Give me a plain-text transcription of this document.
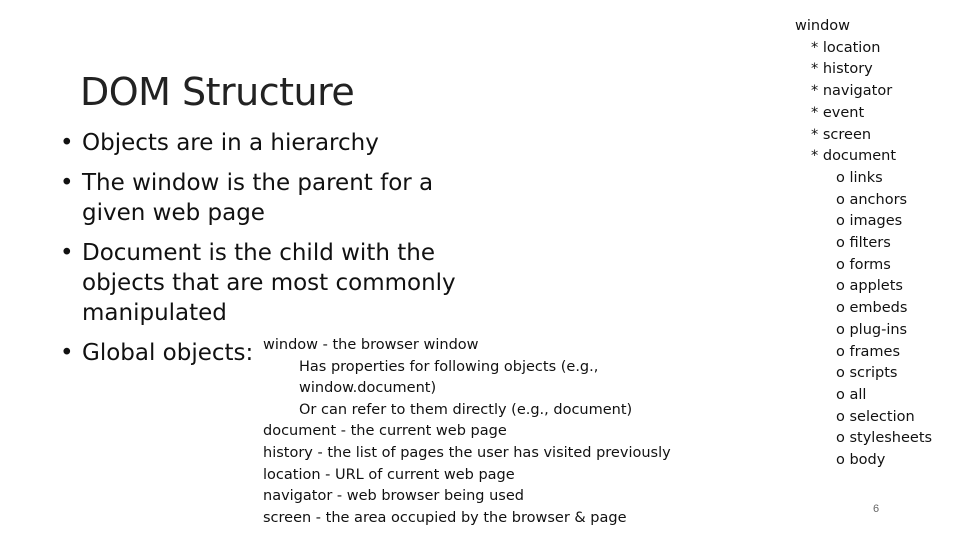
DOM Structure
• Objects are in a hierarchy
• The window is the parent for a
given web page
• Document is the child with the
objects that are most commonly
manipulated
• Global objects: window - the browser window
Has properties for following objects (e.g.,
window.document)
Or can refer to them directly (e.g., document)
document - the current web page
history - the list of pages the user has visited previously
location - URL of current web page
navigator - web browser being used
screen - the area occupied by the browser & page
window
* location
* history
* navigator
* event
* screen
* document
o links
o anchors
o images
o filters
o forms
o applets
o embeds
o plug-ins
o frames
o scripts
o all
o selection
o stylesheets
o body
6
